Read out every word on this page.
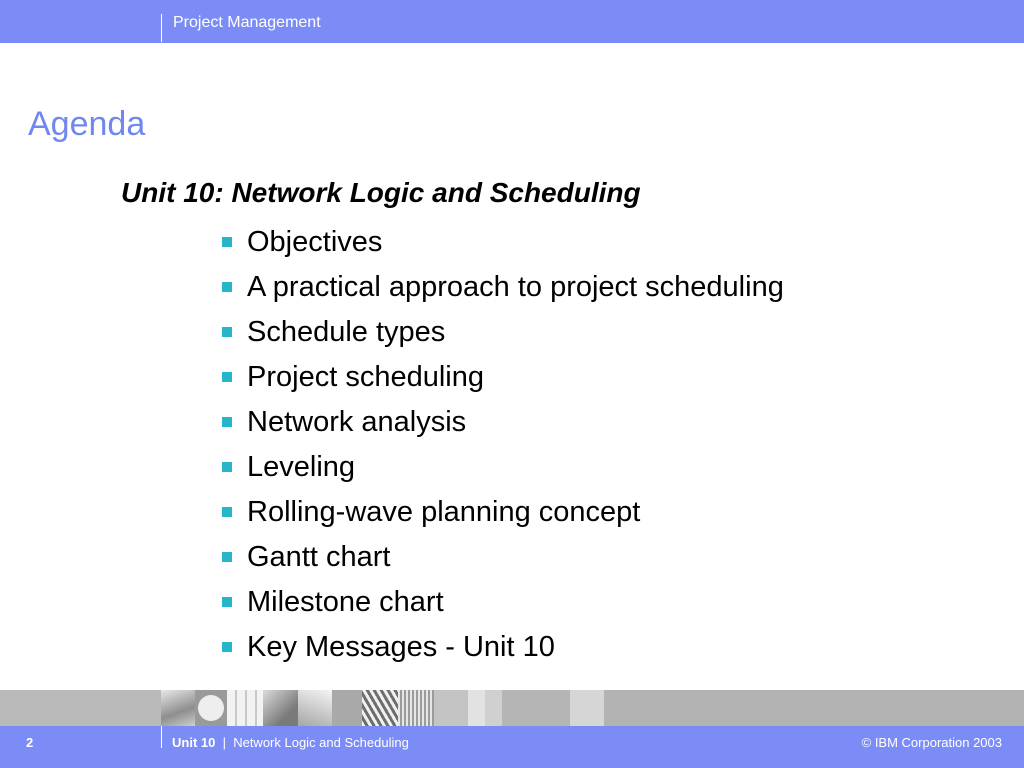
Project Management
Agenda
Unit 10: Network Logic and Scheduling
Objectives
A practical approach to project scheduling
Schedule types
Project scheduling
Network analysis
Leveling
Rolling-wave planning concept
Gantt chart
Milestone chart
Key Messages - Unit 10
2	Unit 10 | Network Logic and Scheduling	© IBM Corporation 2003
